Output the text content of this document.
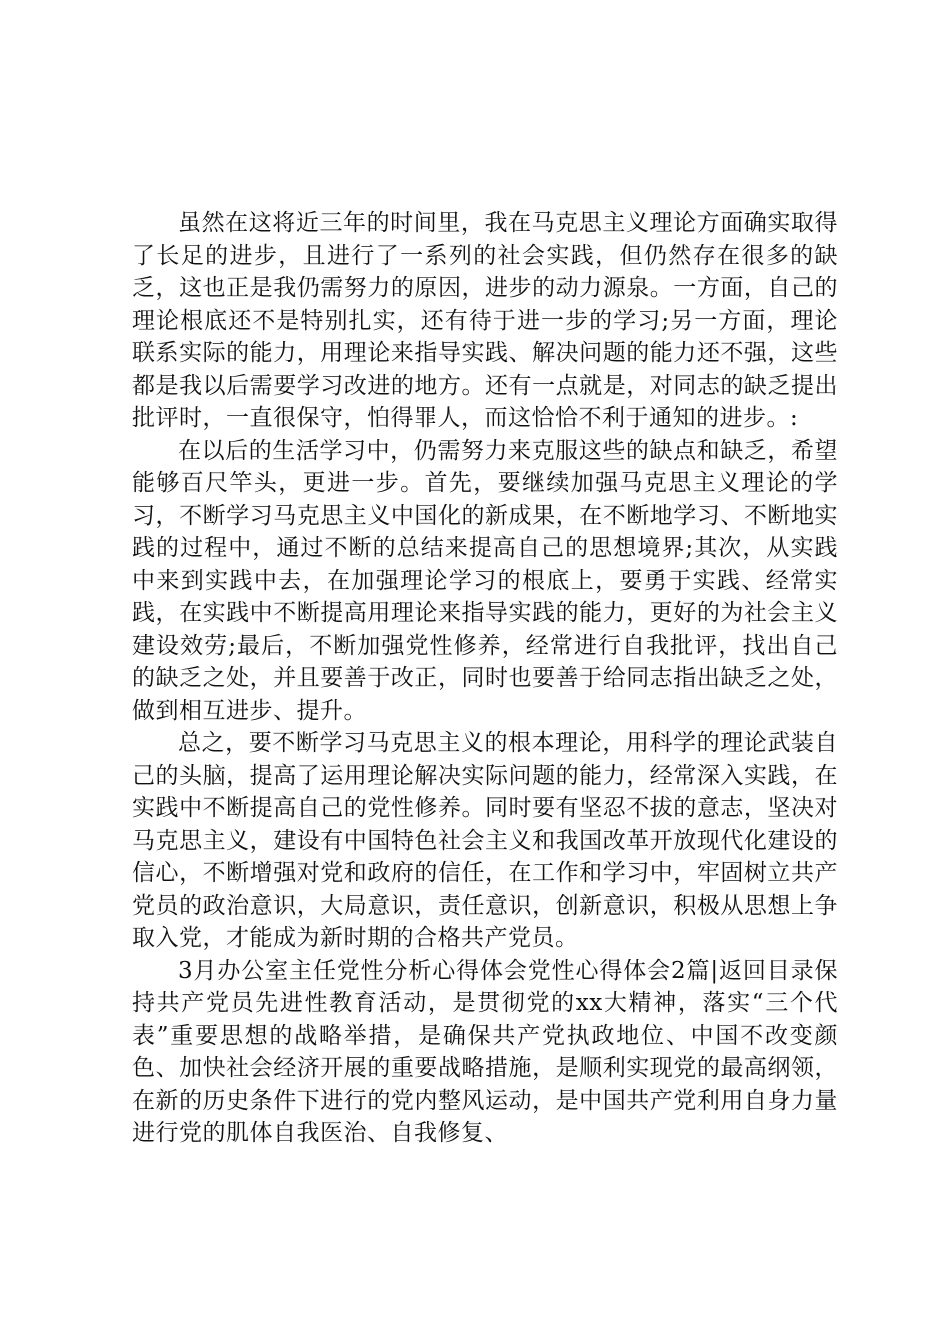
虽然在这将近三年的时间里，我在马克思主义理论方面确实取得了长足的进步，且进行了一系列的社会实践，但仍然存在很多的缺乏，这也正是我仍需努力的原因，进步的动力源泉。一方面，自己的理论根底还不是特别扎实，还有待于进一步的学习;另一方面，理论联系实际的能力，用理论来指导实践、解决问题的能力还不强，这些都是我以后需要学习改进的地方。还有一点就是，对同志的缺乏提出批评时，一直很保守，怕得罪人，而这恰恰不利于通知的进步。:

在以后的生活学习中，仍需努力来克服这些的缺点和缺乏，希望能够百尺竿头，更进一步。首先，要继续加强马克思主义理论的学习，不断学习马克思主义中国化的新成果，在不断地学习、不断地实践的过程中，通过不断的总结来提高自己的思想境界;其次，从实践中来到实践中去，在加强理论学习的根底上，要勇于实践、经常实践，在实践中不断提高用理论来指导实践的能力，更好的为社会主义建设效劳;最后，不断加强党性修养，经常进行自我批评，找出自己的缺乏之处，并且要善于改正，同时也要善于给同志指出缺乏之处，做到相互进步、提升。

总之，要不断学习马克思主义的根本理论，用科学的理论武装自己的头脑，提高了运用理论解决实际问题的能力，经常深入实践，在实践中不断提高自己的党性修养。同时要有坚忍不拔的意志，坚决对马克思主义，建设有中国特色社会主义和我国改革开放现代化建设的信心，不断增强对党和政府的信任，在工作和学习中，牢固树立共产党员的政治意识，大局意识，责任意识，创新意识，积极从思想上争取入党，才能成为新时期的合格共产党员。

3月办公室主任党性分析心得体会党性心得体会2篇|返回目录保持共产党员先进性教育活动，是贯彻党的xx大精神，落实“三个代表”重要思想的战略举措，是确保共产党执政地位、中国不改变颜色、加快社会经济开展的重要战略措施，是顺利实现党的最高纲领，在新的历史条件下进行的党内整风运动，是中国共产党利用自身力量进行党的肌体自我医治、自我修复、
